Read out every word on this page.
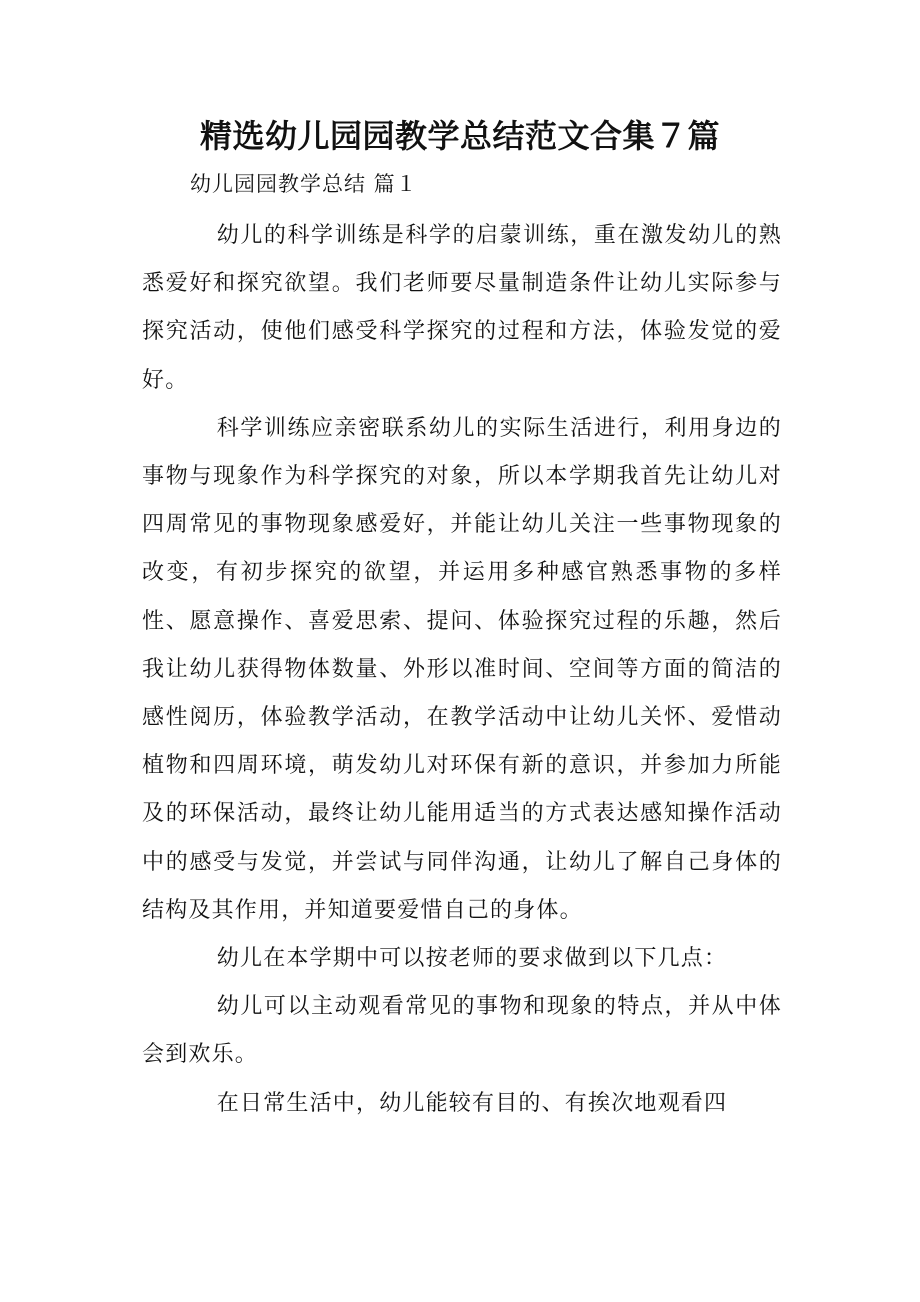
精选幼儿园园教学总结范文合集７篇
幼儿园园教学总结 篇１

幼儿的科学训练是科学的启蒙训练，重在激发幼儿的熟悉爱好和探究欲望。我们老师要尽量制造条件让幼儿实际参与探究活动，使他们感受科学探究的过程和方法，体验发觉的爱好。

科学训练应亲密联系幼儿的实际生活进行，利用身边的事物与现象作为科学探究的对象，所以本学期我首先让幼儿对四周常见的事物现象感爱好，并能让幼儿关注一些事物现象的改变，有初步探究的欲望，并运用多种感官熟悉事物的多样性、愿意操作、喜爱思索、提问、体验探究过程的乐趣，然后我让幼儿获得物体数量、外形以准时间、空间等方面的简洁的感性阅历，体验教学活动，在教学活动中让幼儿关怀、爱惜动植物和四周环境，萌发幼儿对环保有新的意识，并参加力所能及的环保活动，最终让幼儿能用适当的方式表达感知操作活动中的感受与发觉，并尝试与同伴沟通，让幼儿了解自己身体的结构及其作用，并知道要爱惜自己的身体。

幼儿在本学期中可以按老师的要求做到以下几点：

幼儿可以主动观看常见的事物和现象的特点，并从中体会到欢乐。

在日常生活中，幼儿能较有目的、有挨次地观看四
